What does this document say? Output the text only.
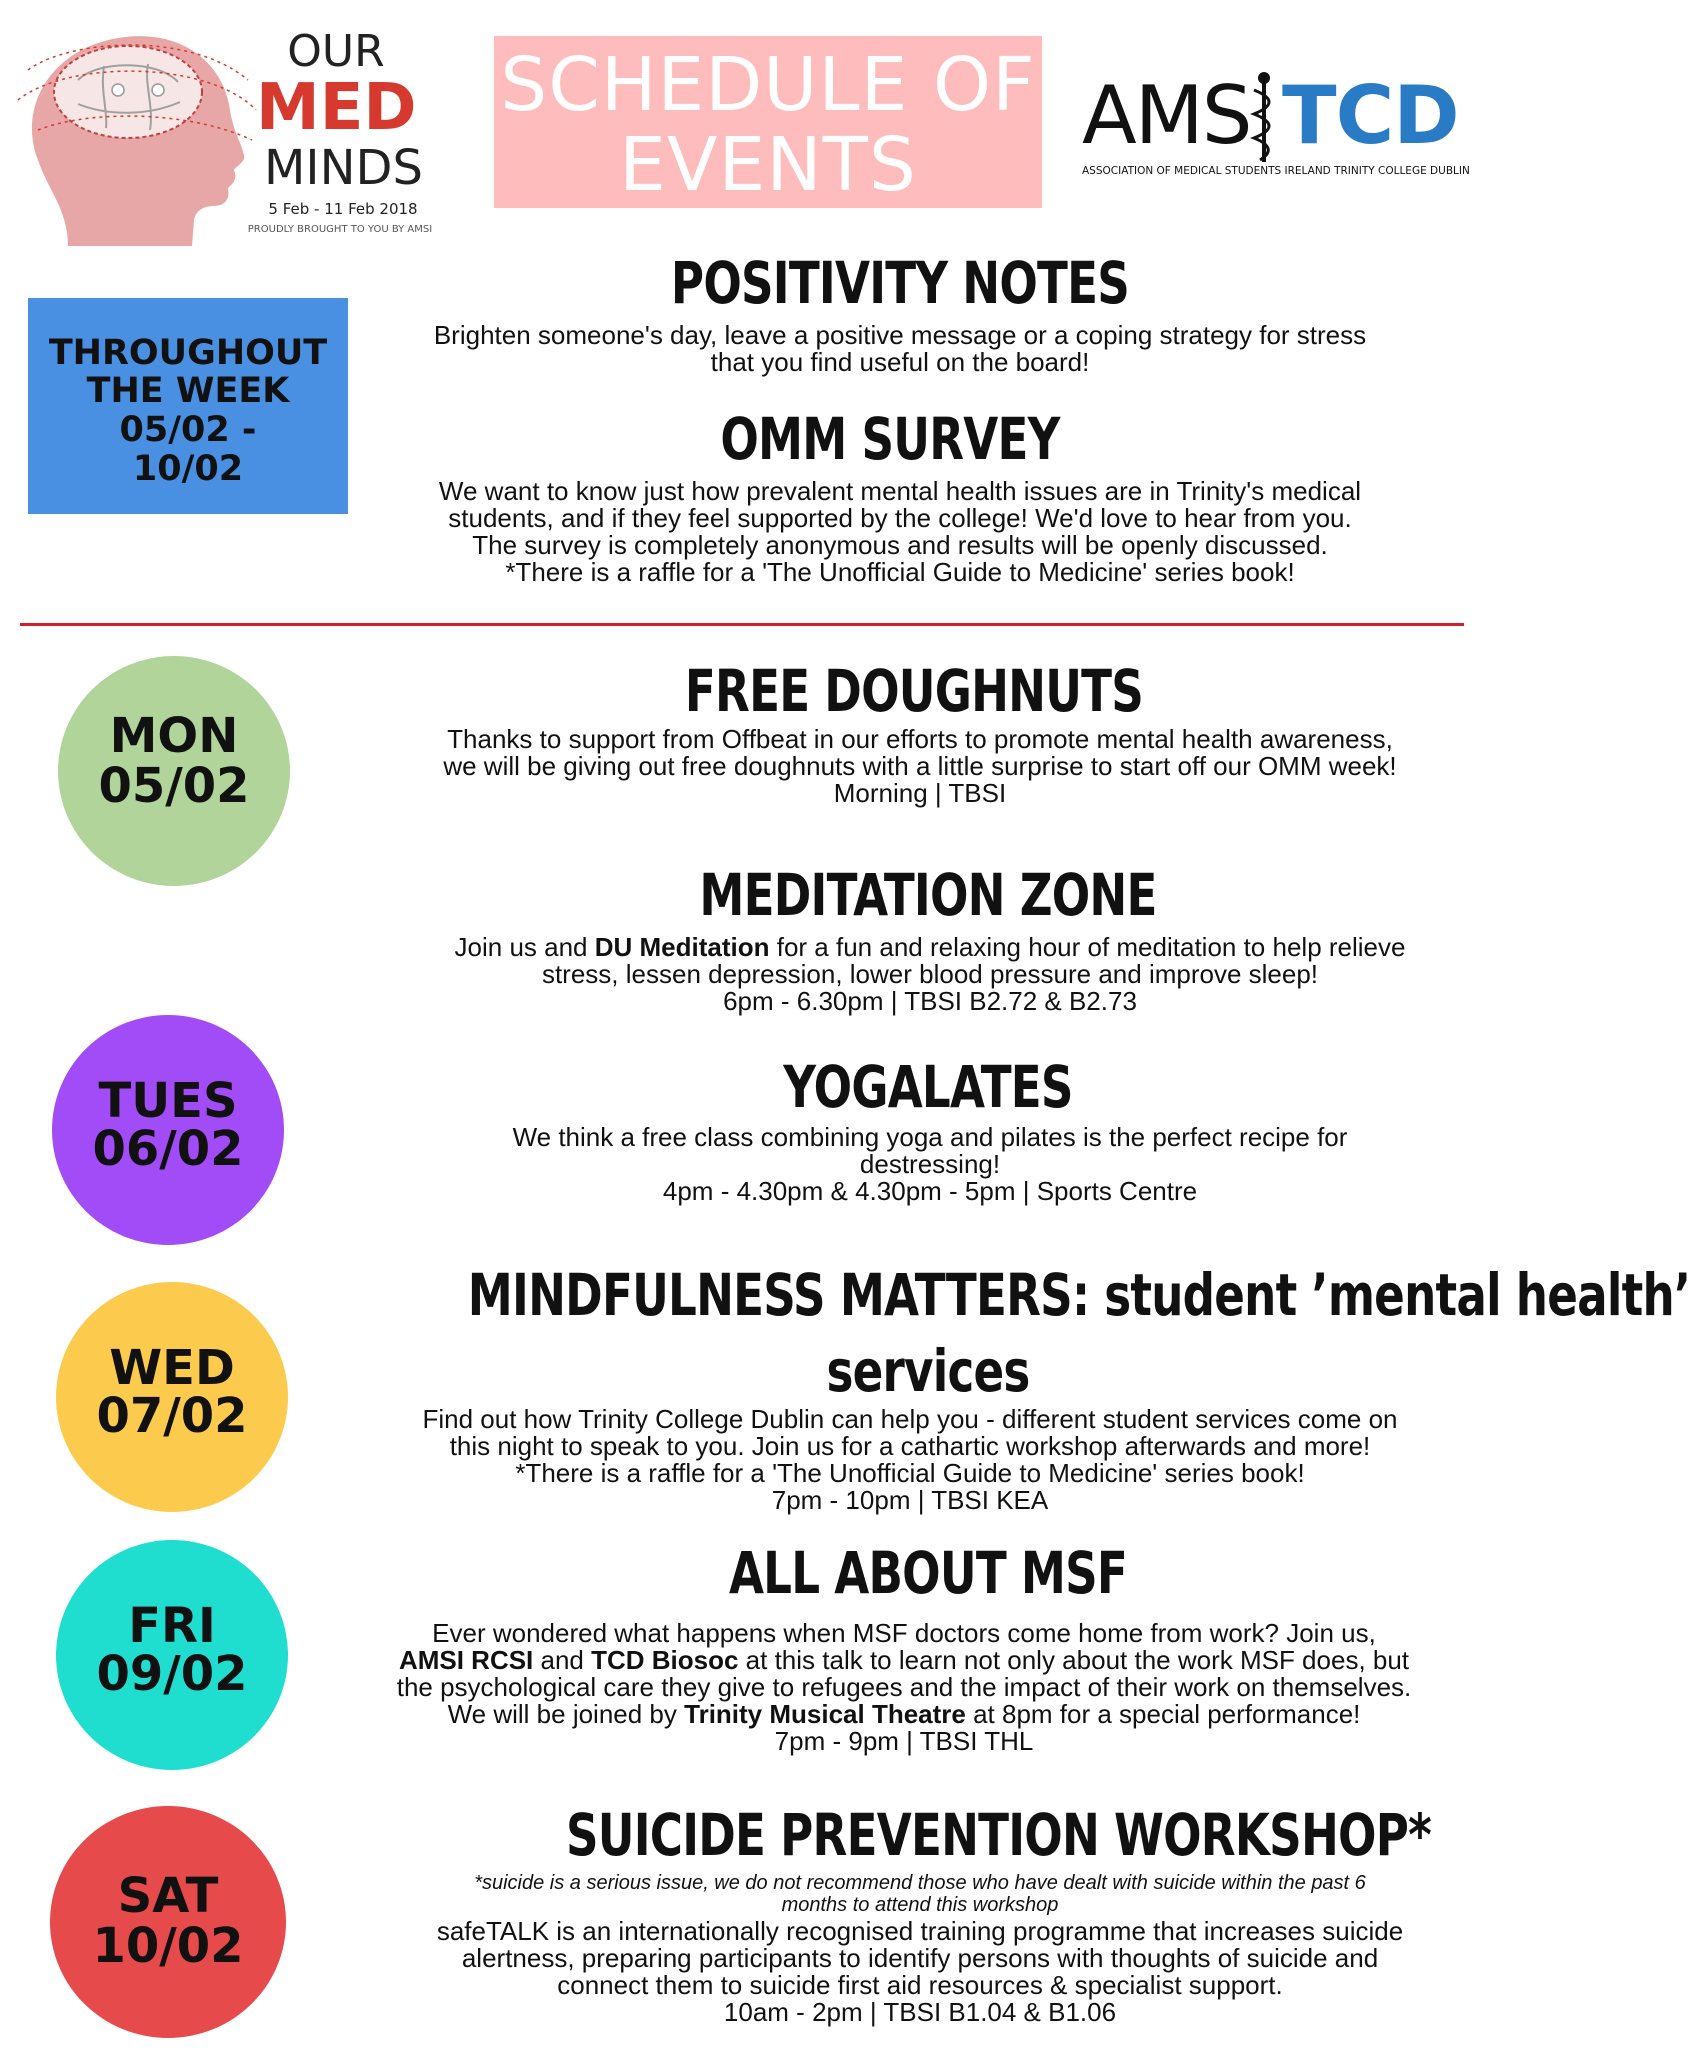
OUR
MED
MINDS
5 Feb - 11 Feb 2018
PROUDLY BROUGHT TO YOU BY AMSI
SCHEDULE OF
EVENTS
AMS TCD
ASSOCIATION OF MEDICAL STUDENTS IRELAND TRINITY COLLEGE DUBLIN
THROUGHOUT
THE WEEK
05/02 -
10/02
POSITIVITY NOTES
Brighten someone's day, leave a positive message or a coping strategy for stress
that you find useful on the board!
OMM SURVEY
We want to know just how prevalent mental health issues are in Trinity's medical
students, and if they feel supported by the college! We'd love to hear from you.
The survey is completely anonymous and results will be openly discussed.
*There is a raffle for a 'The Unofficial Guide to Medicine' series book!
MON
05/02
TUES
06/02
WED
07/02
FRI
09/02
SAT
10/02
FREE DOUGHNUTS
Thanks to support from Offbeat in our efforts to promote mental health awareness,
we will be giving out free doughnuts with a little surprise to start off our OMM week!
Morning | TBSI
MEDITATION ZONE
Join us and DU Meditation for a fun and relaxing hour of meditation to help relieve
stress, lessen depression, lower blood pressure and improve sleep!
6pm - 6.30pm | TBSI B2.72 & B2.73
YOGALATES
We think a free class combining yoga and pilates is the perfect recipe for
destressing!
4pm - 4.30pm & 4.30pm - 5pm | Sports Centre
MINDFULNESS MATTERS: student ’mental health’
services
Find out how Trinity College Dublin can help you - different student services come on
this night to speak to you. Join us for a cathartic workshop afterwards and more!
*There is a raffle for a 'The Unofficial Guide to Medicine' series book!
7pm - 10pm | TBSI KEA
ALL ABOUT MSF
Ever wondered what happens when MSF doctors come home from work? Join us,
AMSI RCSI and TCD Biosoc at this talk to learn not only about the work MSF does, but
the psychological care they give to refugees and the impact of their work on themselves.
We will be joined by Trinity Musical Theatre at 8pm for a special performance!
7pm - 9pm | TBSI THL
SUICIDE PREVENTION WORKSHOP*
*suicide is a serious issue, we do not recommend those who have dealt with suicide within the past 6
months to attend this workshop
safeTALK is an internationally recognised training programme that increases suicide
alertness, preparing participants to identify persons with thoughts of suicide and
connect them to suicide first aid resources & specialist support.
10am - 2pm | TBSI B1.04 & B1.06
